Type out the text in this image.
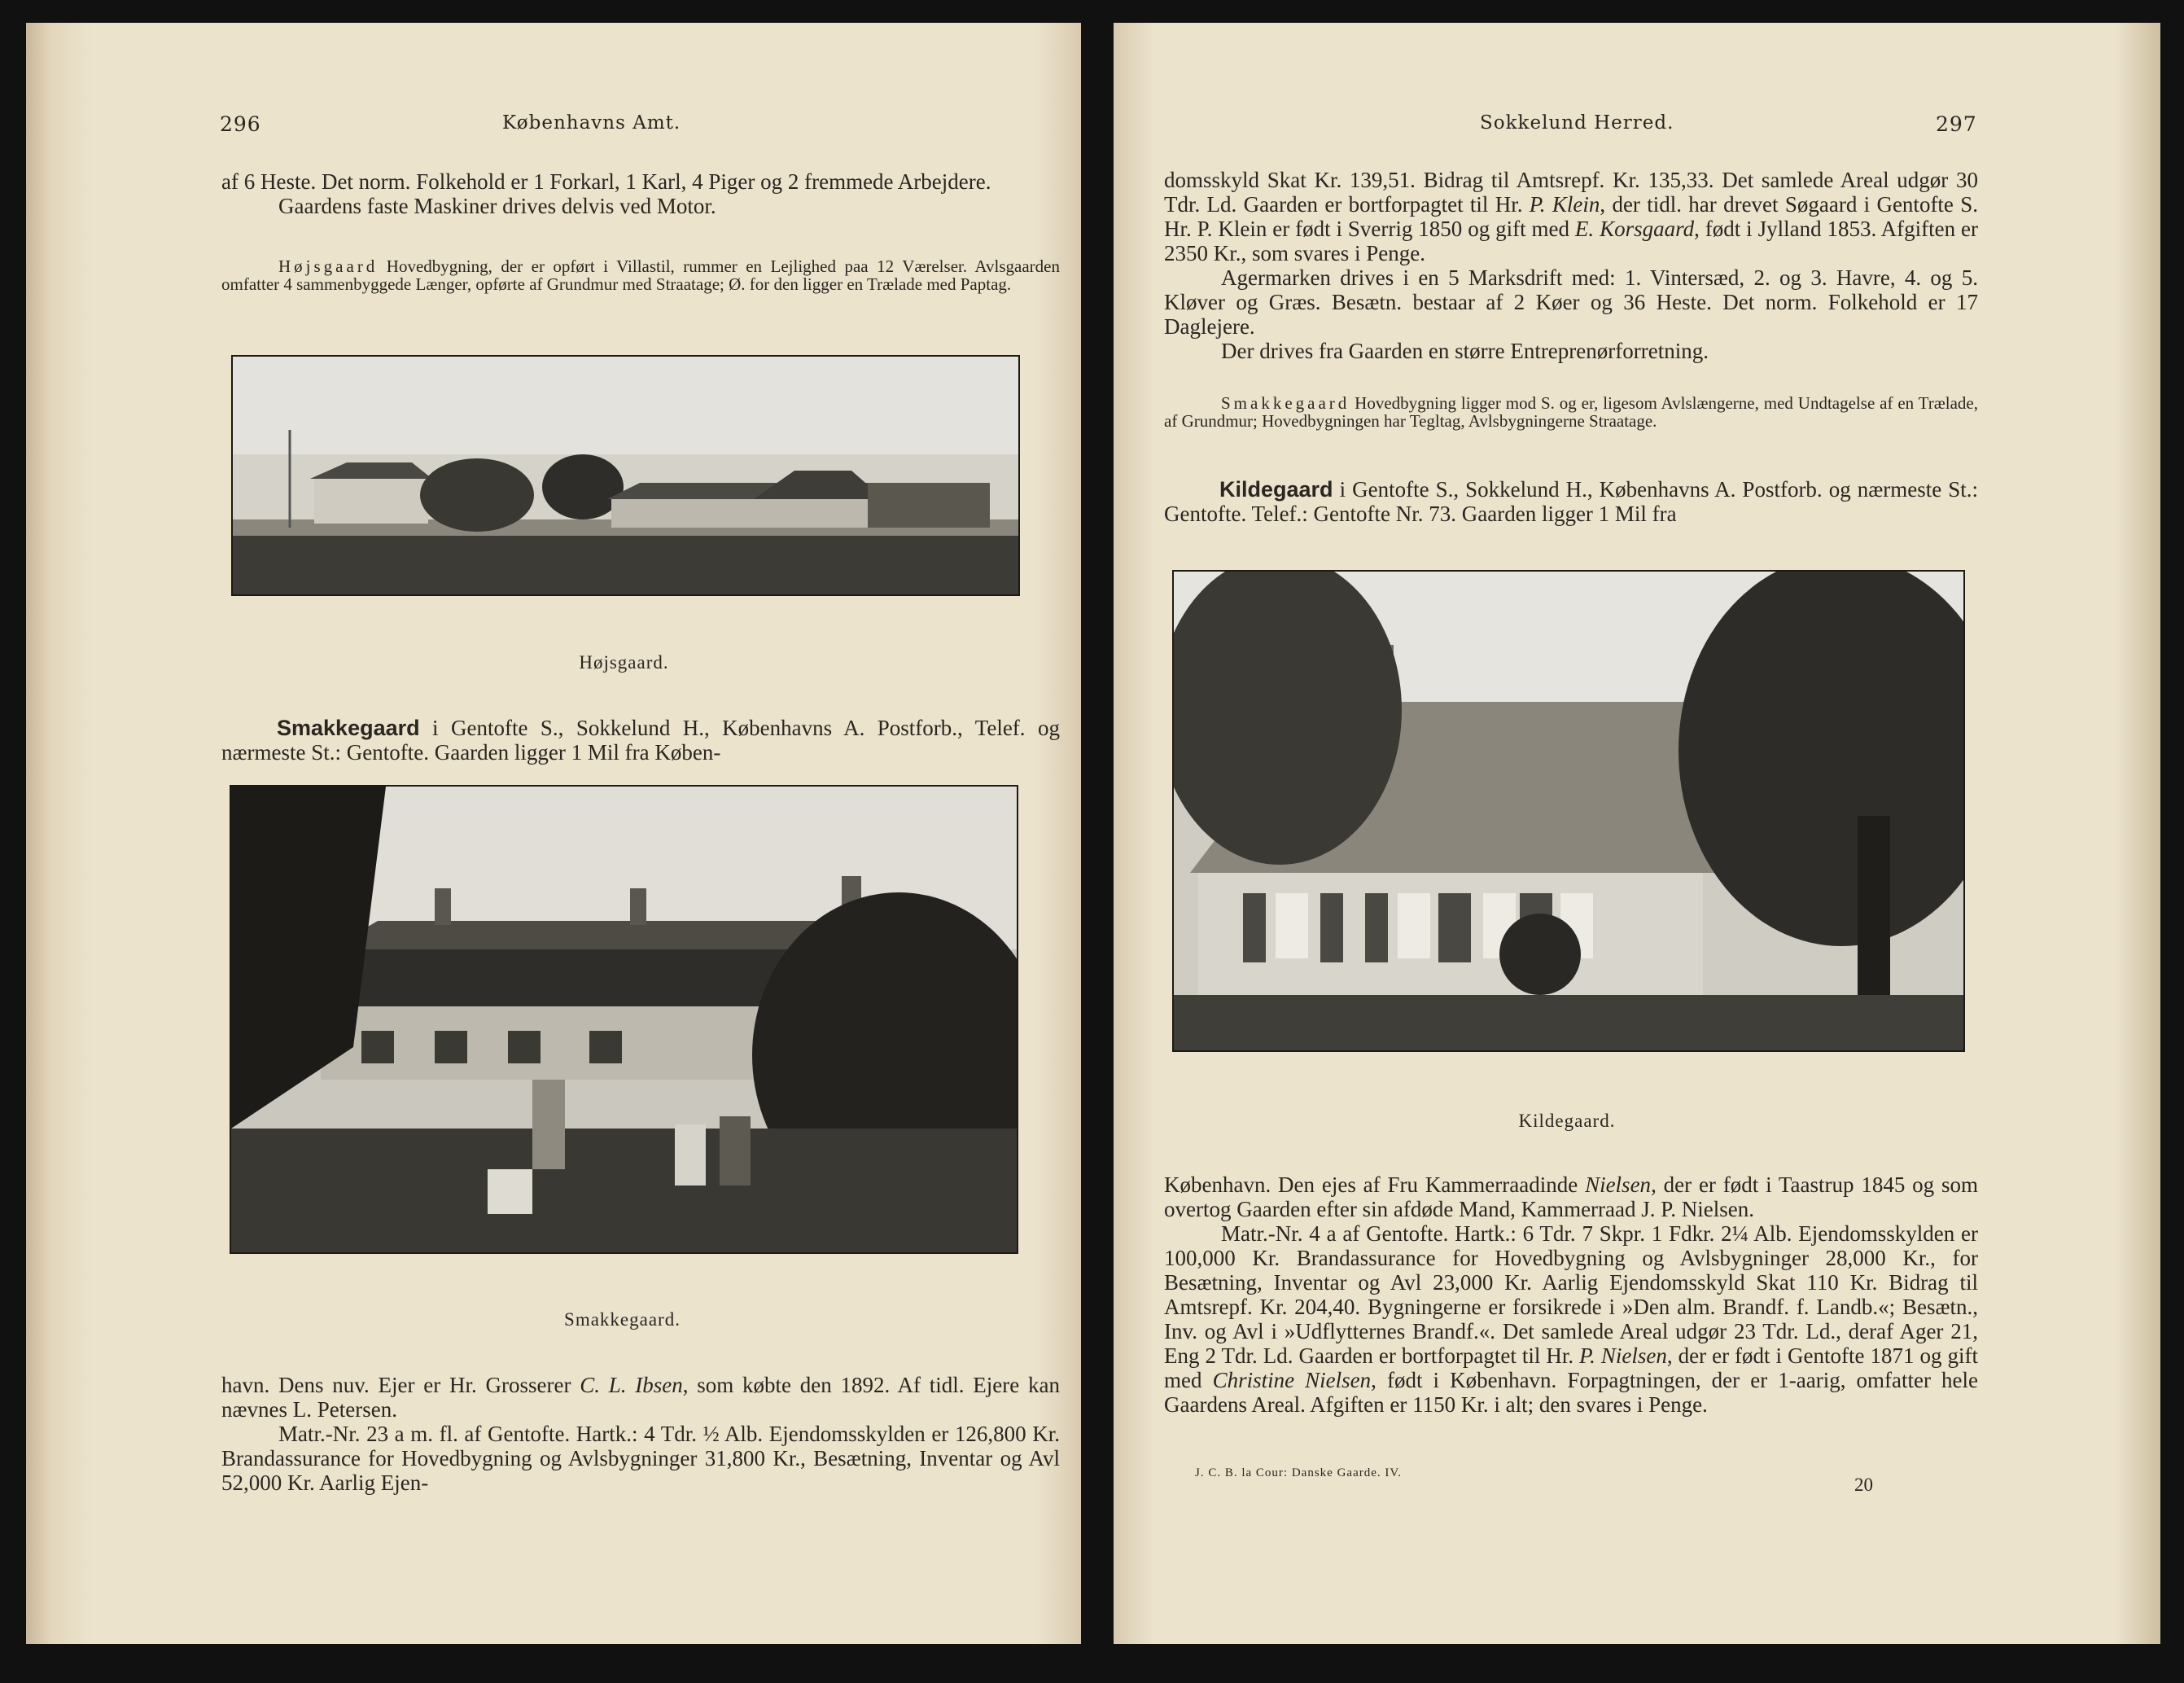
296	Københavns Amt.

af 6 Heste. Det norm. Folkehold er 1 Forkarl, 1 Karl, 4 Piger og 2 fremmede Arbejdere.

Gaardens faste Maskiner drives delvis ved Motor.

Højsgaard Hovedbygning, der er opført i Villastil, rummer en Lejlighed paa 12 Værelser. Avlsgaarden omfatter 4 sammenbyggede Længer, opførte af Grundmur med Straatage; Ø. for den ligger en Trælade med Paptag.

Højsgaard.

Smakkegaard i Gentofte S., Sokkelund H., Københavns A. Postforb., Telef. og nærmeste St.: Gentofte. Gaarden ligger 1 Mil fra Køben-

Smakkegaard.

havn. Dens nuv. Ejer er Hr. Grosserer C. L. Ibsen, som købte den 1892. Af tidl. Ejere kan nævnes L. Petersen.

Matr.-Nr. 23 a m. fl. af Gentofte. Hartk.: 4 Tdr. ½ Alb. Ejendomsskylden er 126,800 Kr. Brandassurance for Hovedbygning og Avlsbygninger 31,800 Kr., Besætning, Inventar og Avl 52,000 Kr. Aarlig Ejen-

Sokkelund Herred.	297

domsskyld Skat Kr. 139,51. Bidrag til Amtsrepf. Kr. 135,33. Det samlede Areal udgør 30 Tdr. Ld. Gaarden er bortforpagtet til Hr. P. Klein, der tidl. har drevet Søgaard i Gentofte S. Hr. P. Klein er født i Sverrig 1850 og gift med E. Korsgaard, født i Jylland 1853. Afgiften er 2350 Kr., som svares i Penge.

Agermarken drives i en 5 Marksdrift med: 1. Vintersæd, 2. og 3. Havre, 4. og 5. Kløver og Græs. Besætn. bestaar af 2 Køer og 36 Heste. Det norm. Folkehold er 17 Daglejere.

Der drives fra Gaarden en større Entreprenørforretning.

Smakkegaard Hovedbygning ligger mod S. og er, ligesom Avlslængerne, med Undtagelse af en Trælade, af Grundmur; Hovedbygningen har Tegltag, Avlsbygningerne Straatage.

Kildegaard i Gentofte S., Sokkelund H., Københavns A. Postforb. og nærmeste St.: Gentofte. Telef.: Gentofte Nr. 73. Gaarden ligger 1 Mil fra

Kildegaard.

København. Den ejes af Fru Kammerraadinde Nielsen, der er født i Taastrup 1845 og som overtog Gaarden efter sin afdøde Mand, Kammerraad J. P. Nielsen.

Matr.-Nr. 4 a af Gentofte. Hartk.: 6 Tdr. 7 Skpr. 1 Fdkr. 2¼ Alb. Ejendomsskylden er 100,000 Kr. Brandassurance for Hovedbygning og Avlsbygninger 28,000 Kr., for Besætning, Inventar og Avl 23,000 Kr. Aarlig Ejendomsskyld Skat 110 Kr. Bidrag til Amtsrepf. Kr. 204,40. Bygningerne er forsikrede i »Den alm. Brandf. f. Landb.«; Besætn., Inv. og Avl i »Udflytternes Brandf.«. Det samlede Areal udgør 23 Tdr. Ld., deraf Ager 21, Eng 2 Tdr. Ld. Gaarden er bortforpagtet til Hr. P. Nielsen, der er født i Gentofte 1871 og gift med Christine Nielsen, født i København. Forpagtningen, der er 1-aarig, omfatter hele Gaardens Areal. Afgiften er 1150 Kr. i alt; den svares i Penge.

J. C. B. la Cour: Danske Gaarde. IV.
20
